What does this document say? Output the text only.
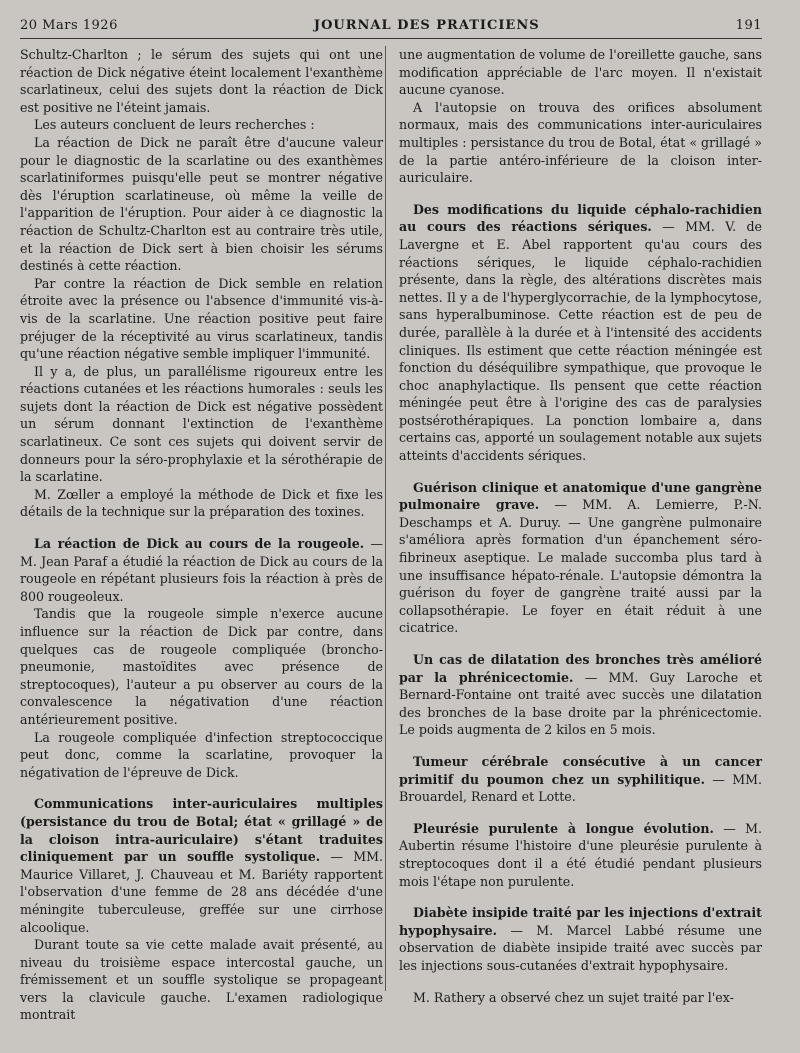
20 Mars 1926	JOURNAL DES PRATICIENS	191

Schultz-Charlton ; le sérum des sujets qui ont une réaction de Dick négative éteint localement l'exanthème scarlatineux, celui des sujets dont la réaction de Dick est positive ne l'éteint jamais.

Les auteurs concluent de leurs recherches :

La réaction de Dick ne paraît être d'aucune valeur pour le diagnostic de la scarlatine ou des exanthèmes scarlatiniformes puisqu'elle peut se montrer négative dès l'éruption scarlatineuse, où même la veille de l'apparition de l'éruption. Pour aider à ce diagnostic la réaction de Schultz-Charlton est au contraire très utile, et la réaction de Dick sert à bien choisir les sérums destinés à cette réaction.

Par contre la réaction de Dick semble en relation étroite avec la présence ou l'absence d'immunité vis-à-vis de la scarlatine. Une réaction positive peut faire préjuger de la réceptivité au virus scarlatineux, tandis qu'une réaction négative semble impliquer l'immunité.

Il y a, de plus, un parallélisme rigoureux entre les réactions cutanées et les réactions humorales : seuls les sujets dont la réaction de Dick est négative possèdent un sérum donnant l'extinction de l'exanthème scarlatineux. Ce sont ces sujets qui doivent servir de donneurs pour la séro-prophylaxie et la sérothérapie de la scarlatine.

M. Zœller a employé la méthode de Dick et fixe les détails de la technique sur la préparation des toxines.

La réaction de Dick au cours de la rougeole. — M. Jean Paraf a étudié la réaction de Dick au cours de la rougeole en répétant plusieurs fois la réaction à près de 800 rougeoleux.

Tandis que la rougeole simple n'exerce aucune influence sur la réaction de Dick par contre, dans quelques cas de rougeole compliquée (broncho-pneumonie, mastoïdites avec présence de streptocoques), l'auteur a pu observer au cours de la convalescence la négativation d'une réaction antérieurement positive.

La rougeole compliquée d'infection streptococcique peut donc, comme la scarlatine, provoquer la négativation de l'épreuve de Dick.

Communications inter-auriculaires multiples (persistance du trou de Botal; état « grillagé » de la cloison intra-auriculaire) s'étant traduites cliniquement par un souffle systolique. — MM. Maurice Villaret, J. Chauveau et M. Bariéty rapportent l'observation d'une femme de 28 ans décédée d'une méningite tuberculeuse, greffée sur une cirrhose alcoolique.

Durant toute sa vie cette malade avait présenté, au niveau du troisième espace intercostal gauche, un frémissement et un souffle systolique se propageant vers la clavicule gauche. L'examen radiologique montrait

une augmentation de volume de l'oreillette gauche, sans modification appréciable de l'arc moyen. Il n'existait aucune cyanose.

A l'autopsie on trouva des orifices absolument normaux, mais des communications inter-auriculaires multiples : persistance du trou de Botal, état « grillagé » de la partie antéro-inférieure de la cloison inter-auriculaire.

Des modifications du liquide céphalo-rachidien au cours des réactions sériques. — MM. V. de Lavergne et E. Abel rapportent qu'au cours des réactions sériques, le liquide céphalo-rachidien présente, dans la règle, des altérations discrètes mais nettes. Il y a de l'hyperglycorrachie, de la lymphocytose, sans hyperalbuminose. Cette réaction est de peu de durée, parallèle à la durée et à l'intensité des accidents cliniques. Ils estiment que cette réaction méningée est fonction du déséquilibre sympathique, que provoque le choc anaphylactique. Ils pensent que cette réaction méningée peut être à l'origine des cas de paralysies postsérothérapiques. La ponction lombaire a, dans certains cas, apporté un soulagement notable aux sujets atteints d'accidents sériques.

Guérison clinique et anatomique d'une gangrène pulmonaire grave. — MM. A. Lemierre, P.-N. Deschamps et A. Duruy. — Une gangrène pulmonaire s'améliora après formation d'un épanchement séro-fibrineux aseptique. Le malade succomba plus tard à une insuffisance hépato-rénale. L'autopsie démontra la guérison du foyer de gangrène traité aussi par la collapsothérapie. Le foyer en était réduit à une cicatrice.

Un cas de dilatation des bronches très amélioré par la phrénicectomie. — MM. Guy Laroche et Bernard-Fontaine ont traité avec succès une dilatation des bronches de la base droite par la phrénicectomie. Le poids augmenta de 2 kilos en 5 mois.

Tumeur cérébrale consécutive à un cancer primitif du poumon chez un syphilitique. — MM. Brouardel, Renard et Lotte.

Pleurésie purulente à longue évolution. — M. Aubertin résume l'histoire d'une pleurésie purulente à streptocoques dont il a été étudié pendant plusieurs mois l'étape non purulente.

Diabète insipide traité par les injections d'extrait hypophysaire. — M. Marcel Labbé résume une observation de diabète insipide traité avec succès par les injections sous-cutanées d'extrait hypophysaire.

M. Rathery a observé chez un sujet traité par l'ex-
